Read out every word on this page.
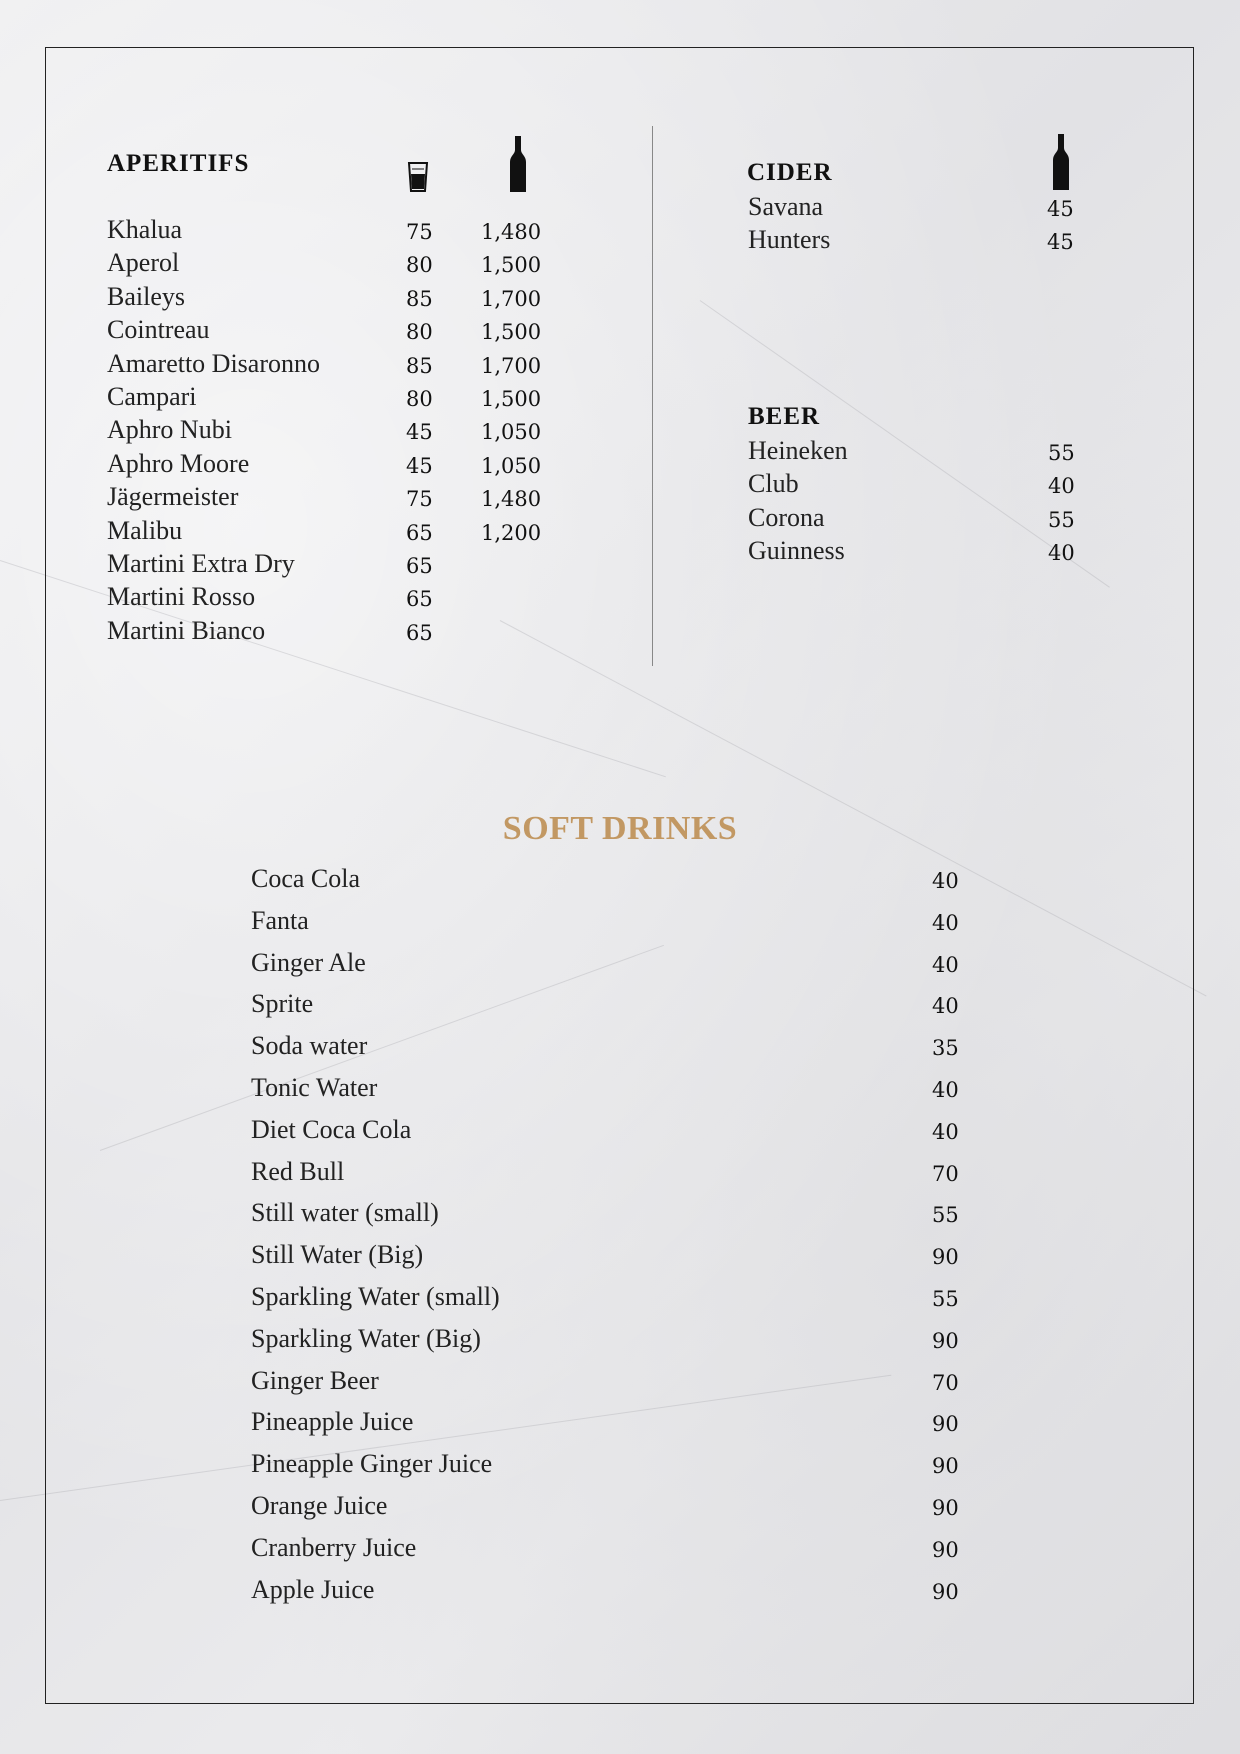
APERITIFS
Khalua	75 1,480
Aperol	80 1,500
Baileys	85 1,700
Cointreau	80 1,500
Amaretto Disaronno	85 1,700
Campari	80 1,500
Aphro Nubi	45 1,050
Aphro Moore	45 1,050
Jägermeister	75 1,480
Malibu	65 1,200
Martini Extra Dry	65
Martini Rosso	65
Martini Bianco	65
CIDER
Savana	45
Hunters	45
BEER
Heineken	55
Club	40
Corona	55
Guinness	40
SOFT DRINKS
Coca Cola	40
Fanta	40
Ginger Ale	40
Sprite	40
Soda water	35
Tonic Water	40
Diet Coca Cola	40
Red Bull	70
Still water (small)	55
Still Water (Big)	90
Sparkling Water (small)	55
Sparkling Water (Big)	90
Ginger Beer	70
Pineapple Juice	90
Pineapple Ginger Juice	90
Orange Juice	90
Cranberry Juice	90
Apple Juice	90
